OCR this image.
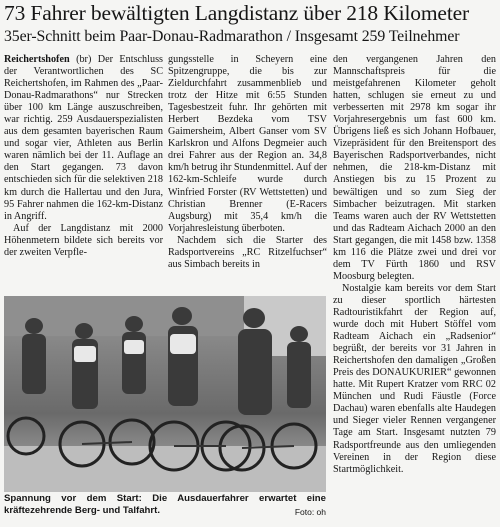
73 Fahrer bewältigten Langdistanz über 218 Kilometer
35er-Schnitt beim Paar-Donau-Radmarathon / Insgesamt 259 Teilnehmer

Reichertshofen (br) Der Entschluss der Verantwortlichen des SC Reichertshofen, im Rahmen des „Paar-Donau-Radmarathons“ nur Strecken über 100 km Länge auszuschreiben, war richtig. 259 Ausdauerspezialisten aus dem gesamten bayerischen Raum und sogar vier, Athleten aus Berlin waren nämlich bei der 11. Auflage an den Start gegangen. 73 davon entschieden sich für die selektiven 218 km durch die Hallertau und den Jura, 95 Fahrer nahmen die 162-km-Distanz in Angriff.

Auf der Langdistanz mit 2000 Höhenmetern bildete sich bereits vor der zweiten Verpfle-

gungsstelle in Scheyern eine Spitzengruppe, die bis zur Zieldurchfahrt zusammenblieb und trotz der Hitze mit 6:55 Stunden Tagesbestzeit fuhr. Ihr gehörten mit Herbert Bezdeka vom TSV Gaimersheim, Albert Ganser vom SV Karlskron und Alfons Degmeier auch drei Fahrer aus der Region an. 34,8 km/h betrug ihr Stundenmittel. Auf der 162-km-Schleife wurde durch Winfried Forster (RV Wettstetten) und Christian Brenner (E-Racers Augsburg) mit 35,4 km/h die Vorjahresleistung überboten.

Nachdem sich die Starter des Radsportvereins „RC Ritzelfuchser“ aus Simbach bereits in

den vergangenen Jahren den Mannschaftspreis für die meistgefahrenen Kilometer geholt hatten, schlugen sie erneut zu und verbesserten mit 2978 km sogar ihr Vorjahresergebnis um fast 600 km. Übrigens ließ es sich Johann Hofbauer, Vizepräsident für den Breitensport des Bayerischen Radsportverbandes, nicht nehmen, die 218-km-Distanz mit Anstiegen bis zu 15 Prozent zu bewältigen und so zum Sieg der Simbacher beizutragen. Mit starken Teams waren auch der RV Wettstetten und das Radteam Aichach 2000 an den Start gegangen, die mit 1458 bzw. 1358 km 116 die Plätze zwei und drei vor dem TV Fürth 1860 und RSV Moosburg belegten.

Nostalgie kam bereits vor dem Start zu dieser sportlich härtesten Radtouristikfahrt der Region auf, wurde doch mit Hubert Stöffel vom Radteam Aichach ein „Radsenior“ begrüßt, der bereits vor 31 Jahren in Reichertshofen den damaligen „Großen Preis des DONAUKURIER“ gewonnen hatte. Mit Rupert Kratzer vom RRC 02 München und Rudi Fäustle (Force Dachau) waren ebenfalls alte Haudegen und Sieger vieler Rennen vergangener Tage am Start. Insgesamt nutzten 79 Radsportfreunde aus den umliegenden Vereinen in der Region diese Startmöglichkeit.

Spannung vor dem Start: Die Ausdauerfahrer erwartet eine kräftezehrende Berg- und Talfahrt.	Foto: oh
